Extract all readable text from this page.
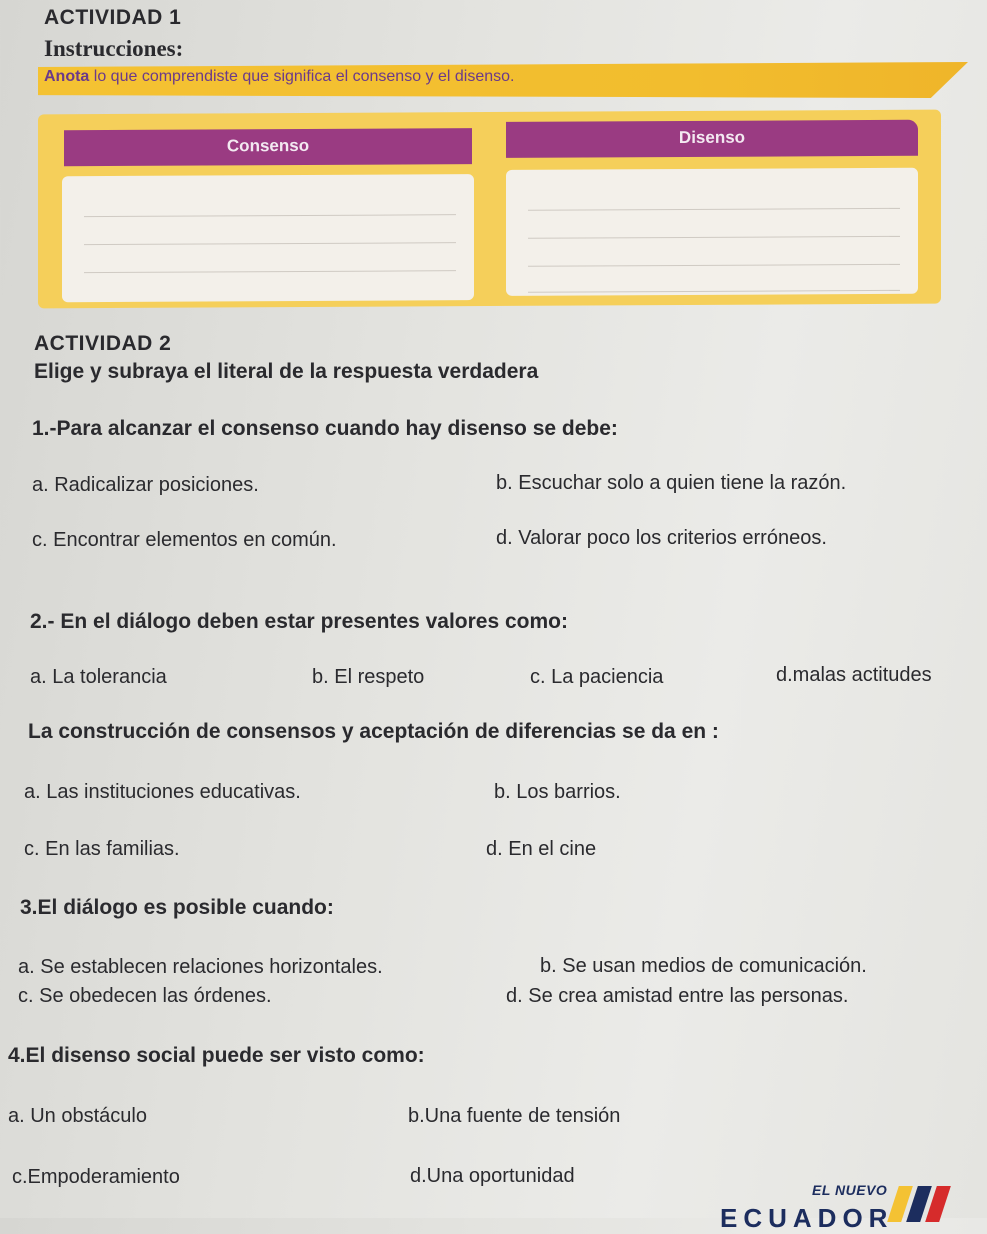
ACTIVIDAD 1
Instrucciones:
Anota lo que comprendiste que significa el consenso y el disenso.
Consenso	Disenso
ACTIVIDAD 2
Elige y subraya el literal de la respuesta verdadera
1.-Para alcanzar el consenso cuando hay disenso se debe:
a. Radicalizar posiciones.	b. Escuchar solo a quien tiene la razón.
c. Encontrar elementos en común.	d. Valorar poco los criterios erróneos.
2.- En el diálogo deben estar presentes valores como:
a. La tolerancia	b. El respeto	c. La paciencia	d.malas actitudes
La construcción de consensos y aceptación de diferencias se da en :
a. Las instituciones educativas.	b. Los barrios.
c. En las familias.	d. En el cine
3.El diálogo es posible cuando:
a. Se establecen relaciones horizontales.	b. Se usan medios de comunicación.
c. Se obedecen las órdenes.	d. Se crea amistad entre las personas.
4.El disenso social puede ser visto como:
a. Un obstáculo	b.Una fuente de tensión
c.Empoderamiento	d.Una oportunidad
EL NUEVO
ECUADOR
